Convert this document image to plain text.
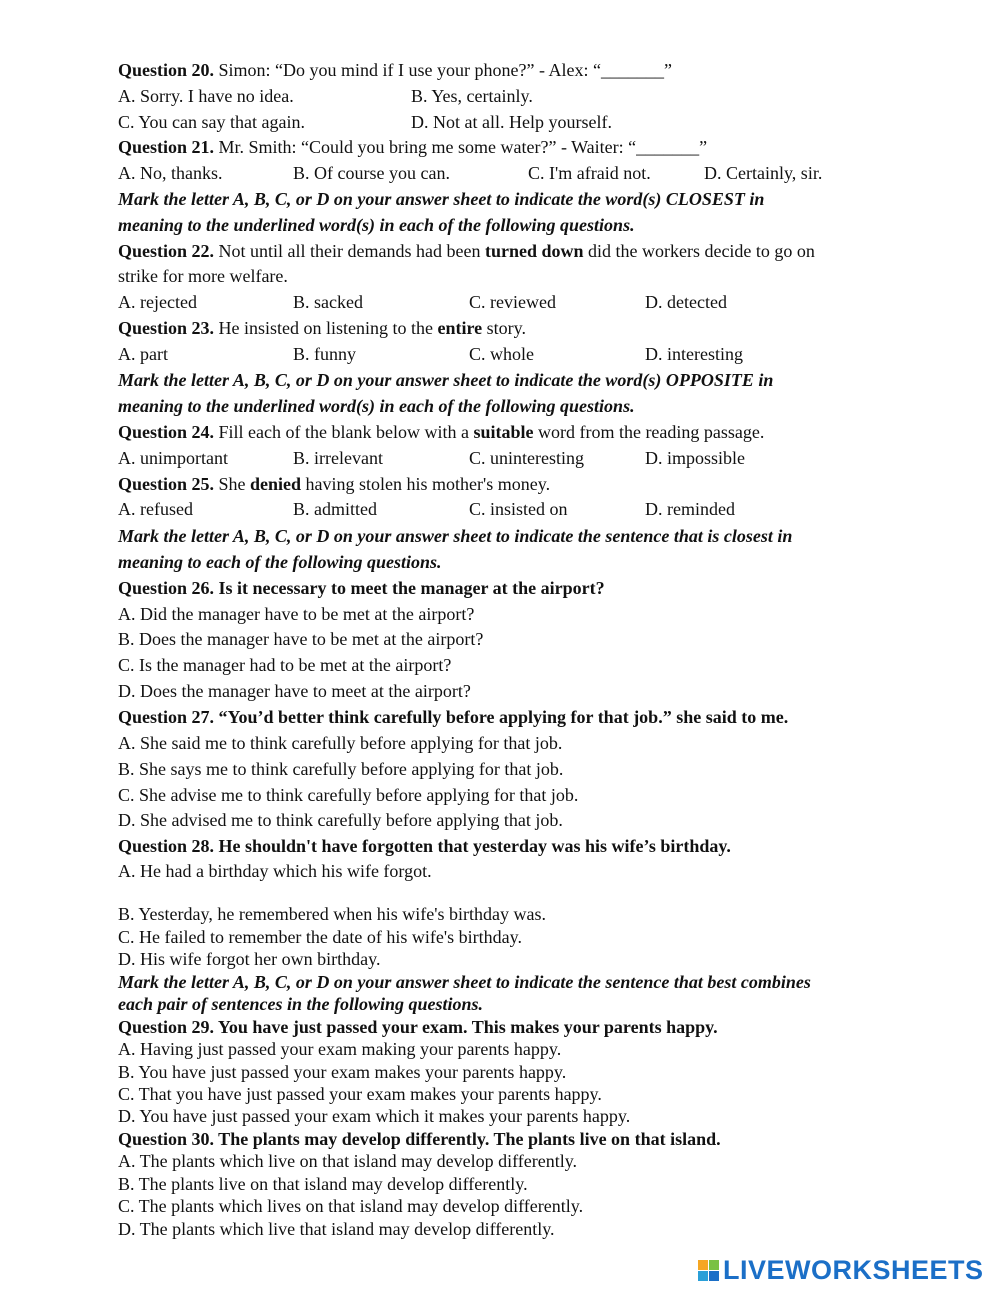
Question 20. Simon: “Do you mind if I use your phone?” - Alex: “_______”
A. Sorry. I have no idea.	B. Yes, certainly.
C. You can say that again.	D. Not at all. Help yourself.
Question 21. Mr. Smith: “Could you bring me some water?” - Waiter: “_______”
A. No, thanks.	B. Of course you can.	C. I'm afraid not.	D. Certainly, sir.
Mark the letter A, B, C, or D on your answer sheet to indicate the word(s) CLOSEST in
meaning to the underlined word(s) in each of the following questions.
Question 22. Not until all their demands had been turned down did the workers decide to go on
strike for more welfare.
A. rejected	B. sacked	C. reviewed	D. detected
Question 23. He insisted on listening to the entire story.
A. part	B. funny	C. whole	D. interesting
Mark the letter A, B, C, or D on your answer sheet to indicate the word(s) OPPOSITE in
meaning to the underlined word(s) in each of the following questions.
Question 24. Fill each of the blank below with a suitable word from the reading passage.
A. unimportant	B. irrelevant	C. uninteresting	D. impossible
Question 25. She denied having stolen his mother's money.
A. refused	B. admitted	C. insisted on	D. reminded
Mark the letter A, B, C, or D on your answer sheet to indicate the sentence that is closest in
meaning to each of the following questions.
Question 26. Is it necessary to meet the manager at the airport?
A. Did the manager have to be met at the airport?
B. Does the manager have to be met at the airport?
C. Is the manager had to be met at the airport?
D. Does the manager have to meet at the airport?
Question 27. “You’d better think carefully before applying for that job.” she said to me.
A. She said me to think carefully before applying for that job.
B. She says me to think carefully before applying for that job.
C. She advise me to think carefully before applying for that job.
D. She advised me to think carefully before applying that job.
Question 28. He shouldn't have forgotten that yesterday was his wife’s birthday.
A. He had a birthday which his wife forgot.
B. Yesterday, he remembered when his wife's birthday was.
C. He failed to remember the date of his wife's birthday.
D. His wife forgot her own birthday.
Mark the letter A, B, C, or D on your answer sheet to indicate the sentence that best combines
each pair of sentences in the following questions.
Question 29. You have just passed your exam. This makes your parents happy.
A. Having just passed your exam making your parents happy.
B. You have just passed your exam makes your parents happy.
C. That you have just passed your exam makes your parents happy.
D. You have just passed your exam which it makes your parents happy.
Question 30. The plants may develop differently. The plants live on that island.
A. The plants which live on that island may develop differently.
B. The plants live on that island may develop differently.
C. The plants which lives on that island may develop differently.
D. The plants which live that island may develop differently.
LIVEWORKSHEETS
